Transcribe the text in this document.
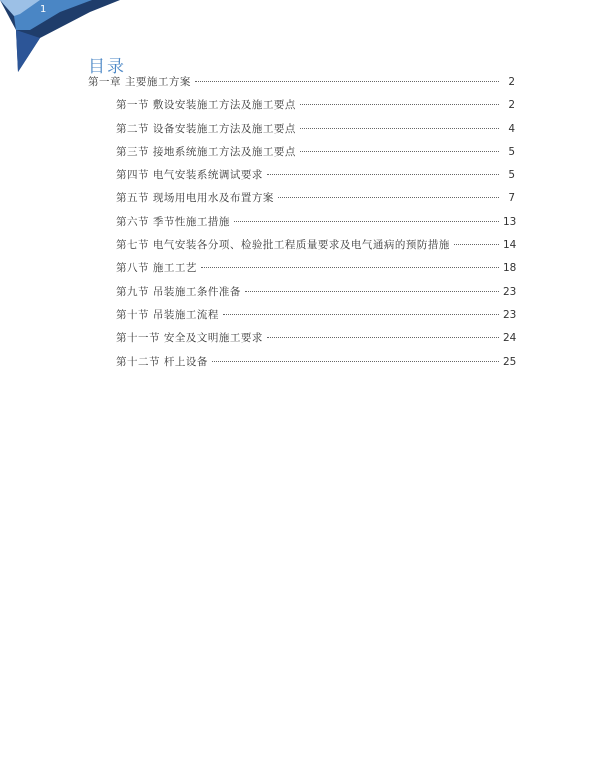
1
目录
第一章 主要施工方案	2
第一节 敷设安装施工方法及施工要点	2
第二节 设备安装施工方法及施工要点	4
第三节 接地系统施工方法及施工要点	5
第四节 电气安装系统调试要求	5
第五节 现场用电用水及布置方案	7
第六节 季节性施工措施	13
第七节 电气安装各分项、检验批工程质量要求及电气通病的预防措施	14
第八节 施工工艺	18
第九节 吊装施工条件准备	23
第十节 吊装施工流程	23
第十一节 安全及文明施工要求	24
第十二节 杆上设备	25
